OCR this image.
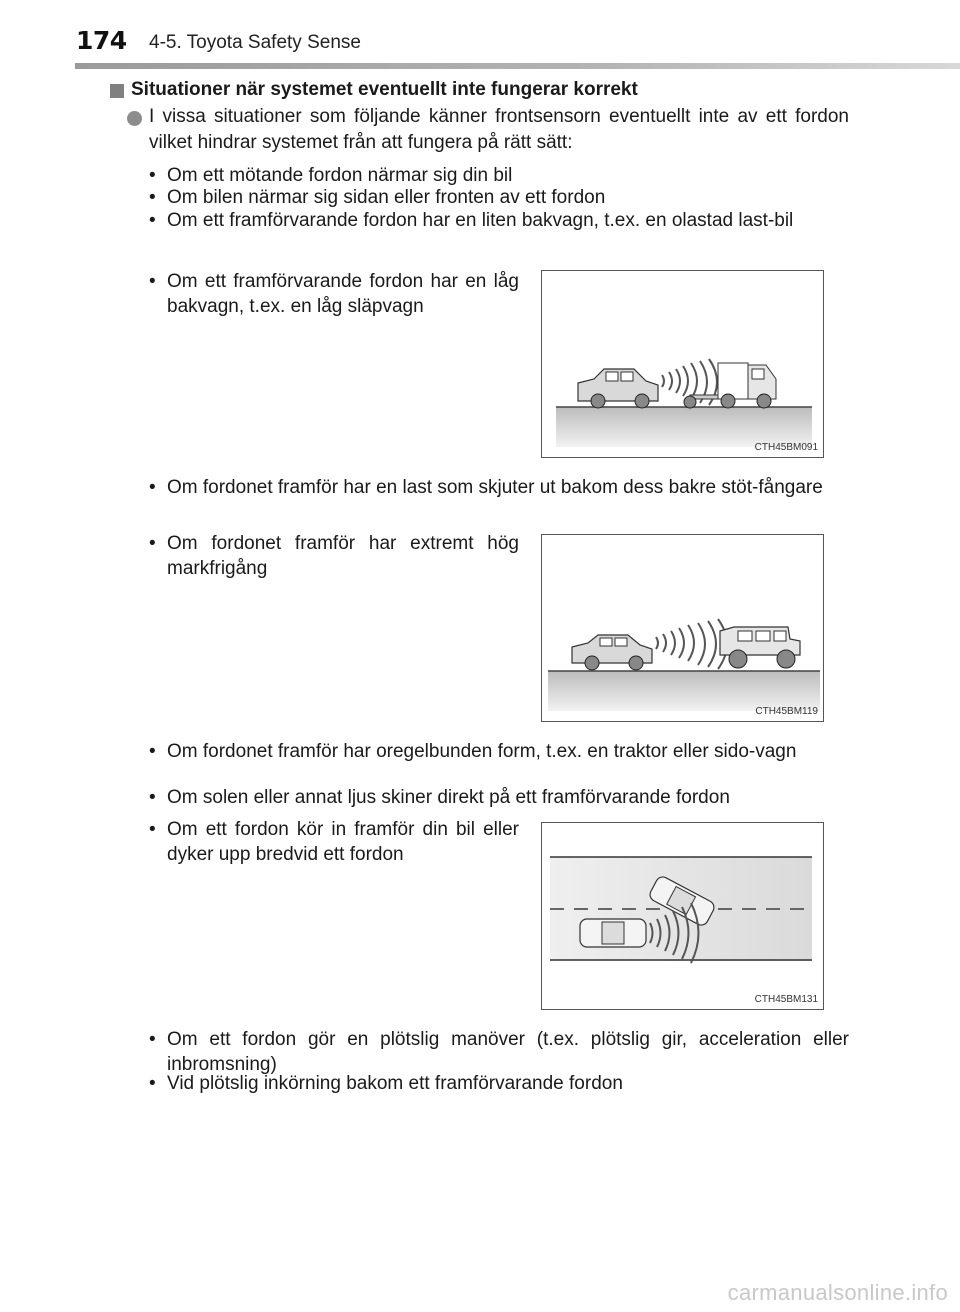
174 4-5. Toyota Safety Sense
Situationer när systemet eventuellt inte fungerar korrekt
I vissa situationer som följande känner frontsensorn eventuellt inte av ett fordon vilket hindrar systemet från att fungera på rätt sätt:
• Om ett mötande fordon närmar sig din bil
• Om bilen närmar sig sidan eller fronten av ett fordon
• Om ett framförvarande fordon har en liten bakvagn, t.ex. en olastad last-bil
• Om ett framförvarande fordon har en låg bakvagn, t.ex. en låg släpvagn
CTH45BM091
• Om fordonet framför har en last som skjuter ut bakom dess bakre stöt-fångare
• Om fordonet framför har extremt hög markfrigång
CTH45BM119
• Om fordonet framför har oregelbunden form, t.ex. en traktor eller sido-vagn
• Om solen eller annat ljus skiner direkt på ett framförvarande fordon
• Om ett fordon kör in framför din bil eller dyker upp bredvid ett fordon
CTH45BM131
• Om ett fordon gör en plötslig manöver (t.ex. plötslig gir, acceleration eller inbromsning)
• Vid plötslig inkörning bakom ett framförvarande fordon
carmanualsonline.info
